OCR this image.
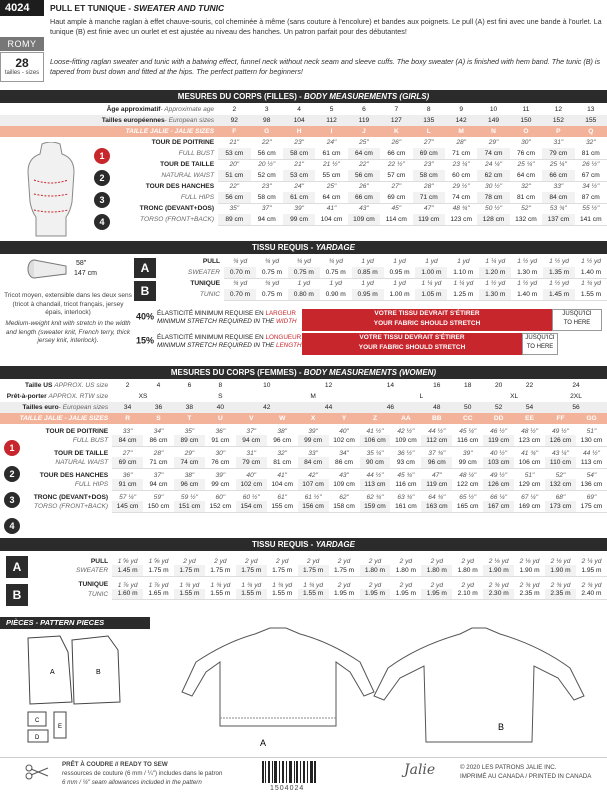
4024
ROMY
28
tailles - sizes
PULL ET TUNIQUE - SWEATER AND TUNIC
Haut ample à manche raglan à effet chauve-souris, col cheminée à même (sans couture à l'encolure) et bandes aux poignets. Le pull (A) est fini avec une bande à l'ourlet. La tunique (B) est finie avec un ourlet et est ajustée au niveau des hanches. Un patron parfait pour des débutantes!
Loose-fitting raglan sweater and tunic with a batwing effect, funnel neck without neck seam and sleeve cuffs. The boxy sweater (A) is finished with hem band. The tunic (B) is tapered from bust down and fitted at the hips. The perfect pattern for beginners!
MESURES DU CORPS (FILLES) - BODY MEASUREMENTS (GIRLS)
Âge approximatif- Approximate age	2	3	4	5	6	7	8	9	10	11	12	13
Tailles européennes- European sizes	92	98	104	112	119	127	135	142	149	150	152	155
TAILLE JALIE - JALIE SIZES	F	G	H	I	J	K	L	M	N	O	P	Q
TOUR DE POITRINE	21"	22"	23"	24"	25"	26"	27"	28"	29"	30"	31"	32"
FULL BUST	53 cm	56 cm	58 cm	61 cm	64 cm	66 cm	69 cm	71 cm	74 cm	76 cm	79 cm	81 cm
TOUR DE TAILLE	20"	20 ½"	21"	21 ½"	22"	22 ½"	23"	23 ¼"	24 ¼"	25 ¼"	25 ¼"	26 ½"
NATURAL WAIST	51 cm	52 cm	53 cm	55 cm	56 cm	57 cm	58 cm	60 cm	62 cm	64 cm	66 cm	67 cm
TOUR DES HANCHES	22"	23"	24"	25"	26"	27"	28"	29 ½"	30 ½"	32"	33"	34 ½"
FULL HIPS	56 cm	58 cm	61 cm	64 cm	66 cm	69 cm	71 cm	74 cm	78 cm	81 cm	84 cm	87 cm
TRONC (DEVANT+DOS)	35"	37"	39"	41"	43"	45"	47"	48 ¾"	50 ½"	52"	53 ¾"	55 ½"
TORSO (FRONT+BACK)	89 cm	94 cm	99 cm	104 cm	109 cm	114 cm	119 cm	123 cm	128 cm	132 cm	137 cm	141 cm
TISSU REQUIS - YARDAGE
58"
147 cm
Tricot moyen, extensible dans les deux sens (tricot à chandail, tricot français, jersey épais, interlock)
Medium-weight knit with stretch in the width and length (sweater knit, French terry, thick jersey knit, interlock).
PULL	¾ yd	¾ yd	¾ yd	¾ yd	1 yd	1 yd	1 yd	1 yd	1 ¼ yd	1 ½ yd	1 ½ yd	1 ½ yd
SWEATER	0.70 m	0.75 m	0.75 m	0.75 m	0.85 m	0.95 m	1.00 m	1.10 m	1.20 m	1.30 m	1.35 m	1.40 m
TUNIQUE	¾ yd	¾ yd	1 yd	1 yd	1 yd	1 yd	1 ¼ yd	1 ¼ yd	1 ½ yd	1 ½ yd	1 ½ yd	1 ¾ yd
TUNIC	0.70 m	0.75 m	0.80 m	0.90 m	0.95 m	1.00 m	1.05 m	1.25 m	1.30 m	1.40 m	1.45 m	1.55 m
MESURES DU CORPS (FEMMES) - BODY MEASUREMENTS (WOMEN)
Taille US APPROX. US size	2	4	6	8	10		12		14		16	18	20	22	24	
Prêt-à-porter APPROX. RTW size	XS		S			M			L				XL		2XL	
Tailles euro- European sizes	34	36	38	40	42		44		46		48	50	52	54	56	
TAILLE JALIE - JALIE SIZES	R	S	T	U	V	W	X	Y	Z	AA	BB	CC	DD	EE	FF	GG
TOUR DE POITRINE	33"	34"	35"	36"	37"	38"	39"	40"	41 ½"	42 ½"	44 ½"	45 ¼"	46 ½"	48 ½"	49 ½"	51"
FULL BUST	84 cm	86 cm	89 cm	91 cm	94 cm	96 cm	99 cm	102 cm	106 cm	109 cm	112 cm	116 cm	119 cm	123 cm	126 cm	130 cm
TOUR DE TAILLE	27"	28"	29"	30"	31"	32"	33"	34"	35 ¼"	36 ½"	37 ¾"	39"	40 ½"	41 ¾"	43 ¼"	44 ½"
NATURAL WAIST	69 cm	71 cm	74 cm	76 cm	79 cm	81 cm	84 cm	86 cm	90 cm	93 cm	96 cm	99 cm	103 cm	106 cm	110 cm	113 cm
TOUR DES HANCHES	36"	37"	38"	39"	40"	41"	42"	43"	44 ½"	45 ¾"	47"	48 ¼"	49 ½"	51"	52"	54"
FULL HIPS	91 cm	94 cm	96 cm	99 cm	102 cm	104 cm	107 cm	109 cm	113 cm	116 cm	119 cm	122 cm	126 cm	129 cm	132 cm	136 cm
TRONC (DEVANT+DOS)	57 ¼"	59"	59 ½"	60"	60 ½"	61"	61 ½"	62"	62 ¾"	63 ¾"	64 ¾"	65 ½"	66 ¼"	67 ¼"	68"	69"
TORSO (FRONT+BACK)	145 cm	150 cm	151 cm	152 cm	154 cm	155 cm	156 cm	158 cm	159 cm	161 cm	163 cm	165 cm	167 cm	169 cm	173 cm	175 cm
TISSU REQUIS - YARDAGE
PULL	1 ⅝ yd	1 ⅝ yd	2 yd	2 yd	2 yd	2 yd	2 yd	2 yd	2 yd	2 yd	2 yd	2 yd	2 ⅛ yd	2 ⅛ yd	2 ⅛ yd	2 ¼ yd
SWEATER	1.45 m	1.75 m	1.75 m	1.75 m	1.75 m	1.75 m	1.75 m	1.75 m	1.80 m	1.80 m	1.80 m	1.80 m	1.90 m	1.90 m	1.90 m	1.95 m
TUNIQUE	1 ⅞ yd	1 ⅞ yd	1 ¾ yd	1 ¾ yd	1 ¾ yd	1 ¾ yd	1 ¾ yd	2 yd	2 yd	2 yd	2 yd	2 yd	2 ¾ yd	2 ¾ yd	2 ¾ yd	2 ¾ yd
TUNIC	1.60 m	1.65 m	1.55 m	1.55 m	1.55 m	1.55 m	1.55 m	1.95 m	1.95 m	1.95 m	1.95 m	2.10 m	2.30 m	2.35 m	2.35 m	2.40 m
PIÈCES - PATTERN PIECES
A	B
C
E
D	A
B
PRÊT À COUDRE // READY TO SEW
ressources de couture (6 mm / ¼") includes dans le patron
6 mm / ¼" seam allowances included in the pattern
1504024
Jalie	© 2020 LES PATRONS JALIE INC.
IMPRIMÉ AU CANADA / PRINTED IN CANADA
1
2
3
4
A
B
40% ÉLASTICITÉ MINIMUM REQUISE EN LARGEUR
MINIMUM STRETCH REQUIRED IN THE WIDTH
VOTRE TISSU DEVRAIT S'ÉTIRER
YOUR FABRIC SHOULD STRETCH
JUSQU'ICI
TO HERE
15% ÉLASTICITÉ MINIMUM REQUISE EN LONGUEUR
MINIMUM STRETCH REQUIRED IN THE LENGTH
VOTRE TISSU DEVRAIT S'ÉTIRER
YOUR FABRIC SHOULD STRETCH
JUSQU'ICI
TO HERE
1
2
3
4
A
B
